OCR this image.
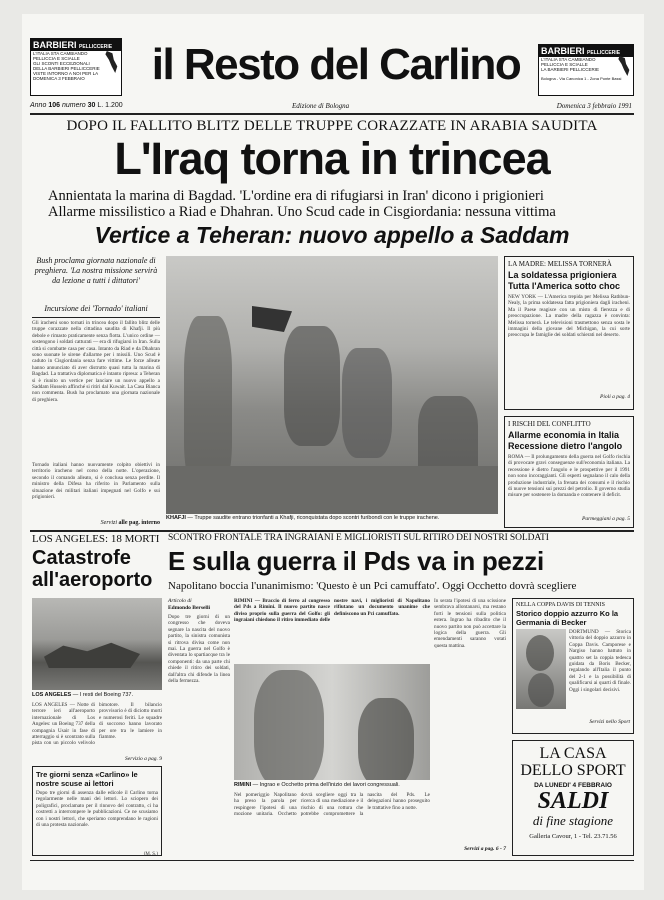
BARBIERI PELLICCERIE
L'ITALIA STA CAMBIANDO
PELLICCIA E SCIALLE
GLI SCONTI ECCEZIONALI
DELLA BARBIERI PELLICCERIE
VISTE INTORNO A NOI PER LA DOMENICA 3 FEBBRAIO	il Resto del Carlino	BARBIERI PELLICCERIE
L'ITALIA STA CAMBIANDO
PELLICCIA E SCIALLE
LA BARBIERI PELLICCERIE
Bologna - Via Canonica 1 - Zona Ponte Bassi
Anno 106 numero 30 L. 1.200	Edizione di Bologna	Domenica 3 febbraio 1991
DOPO IL FALLITO BLITZ DELLE TRUPPE CORAZZATE IN ARABIA SAUDITA
L'Iraq torna in trincea
Annientata la marina di Bagdad. 'L'ordine era di rifugiarsi in Iran' dicono i prigionieri
Allarme missilistico a Riad e Dhahran. Uno Scud cade in Cisgiordania: nessuna vittima
Vertice a Teheran: nuovo appello a Saddam
Bush proclama giornata nazionale di preghiera. 'La nostra missione servirà da lezione a tutti i dittatori'
Incursione dei 'Tornado' italiani
Gli iracheni sono tornati in trincea dopo il fallito blitz delle truppe corazzate nella cittadina saudita di Khafji. Il più debole e rimasto praticamente senza flotta. L'unico ordine — sostengono i soldati catturati — era di rifugiarsi in Iran. Sulla città si combatte casa per casa. Intanto da Riad e da Dhahran sono suonate le sirene d'allarme per i missili. Uno Scud è caduto in Cisgiordania senza fare vittime. Le forze alleate hanno annunciato di aver distrutto quasi tutta la marina di Bagdad. La trattativa diplomatica è intanto ripresa: a Teheran si è riunito un vertice per lanciare un nuovo appello a Saddam Hussein affinché si ritiri dal Kuwait. La Casa Bianca non commenta. Bush ha proclamato una giornata nazionale di preghiera.
Tornado italiani hanno nuovamente colpito obiettivi in territorio iracheno nel corso della notte. L'operazione, secondo il comando alleato, si è conclusa senza perdite. Il ministro della Difesa ha riferito in Parlamento sulla situazione dei militari italiani impegnati nel Golfo e sui prigionieri.
Servizi alle pag. interno
KHAFJI — Truppe saudite entrano trionfanti a Khafji, riconquistata dopo scontri furibondi con le truppe irachene.
LA MADRE: MELISSA TORNERÀ
La soldatessa prigioniera Tutta l'America sotto choc
NEW YORK — L'America trepida per Melissa Rathbun-Nealy, la prima soldatessa fatta prigioniera dagli iracheni. Ma il Paese reagisce con un misto di fierezza e di preoccupazione. La madre della ragazza è convinta: Melissa tornerà. Le televisioni trasmettono senza sosta le immagini della giovane del Michigan, la cui sorte preoccupa le famiglie dei soldati schierati nel deserto.
Pioli a pag. 4
I RISCHI DEL CONFLITTO
Allarme economia in Italia Recessione dietro l'angolo
ROMA — Il prolungamento della guerra nel Golfo rischia di provocare gravi conseguenze sull'economia italiana. La recessione è dietro l'angolo e le prospettive per il 1991 non sono incoraggianti. Gli esperti segnalano il calo della produzione industriale, la frenata dei consumi e il rischio di nuove tensioni sui prezzi del petrolio. Il governo studia misure per sostenere la domanda e contenere il deficit.
Parmeggiani a pag. 5
LOS ANGELES: 18 MORTI
Catastrofe all'aeroporto
LOS ANGELES — I resti del Boeing 737.
LOS ANGELES — Notte di terrore ieri all'aeroporto internazionale di Los Angeles: un Boeing 737 della compagnia Usair in fase di atterraggio si è scontrato sulla pista con un piccolo velivolo bimotore. Il bilancio provvisorio è di diciotto morti e numerosi feriti. Le squadre di soccorso hanno lavorato per ore tra le lamiere in fiamme.
Servizio a pag. 9
Tre giorni senza «Carlino» le nostre scuse ai lettori
Dopo tre giorni di assenza dalle edicole il Carlino torna regolarmente nelle mani dei lettori. Lo sciopero dei poligrafici, proclamato per il rinnovo del contratto, ci ha costretti a interrompere le pubblicazioni. Ce ne scusiamo con i nostri lettori, che speriamo comprendano le ragioni di una protesta nazionale.
(M. S.)
SCONTRO FRONTALE TRA INGRAIANI E MIGLIORISTI SUL RITIRO DEI NOSTRI SOLDATI
E sulla guerra il Pds va in pezzi
Napolitano boccia l'unanimismo: 'Questo è un Pci camuffato'. Oggi Occhetto dovrà scegliere
Articolo di
Edmondo Berselli
Dopo tre giorni di un congresso che doveva segnare la nascita del nuovo partito, la sinistra comunista si ritrova divisa come non mai. La guerra nel Golfo è diventata lo spartiacque tra le componenti: da una parte chi chiede il ritiro dei soldati, dall'altra chi difende la linea della fermezza.
RIMINI — Braccio di ferro al congresso del Pds a Rimini. Il nuovo partito nasce diviso proprio sulla guerra del Golfo: gli ingraiani chiedono il ritiro immediato delle nostre navi, i miglioristi di Napolitano rifiutano un documento unanime che definiscono un Pci camuffato.
RIMINI — Ingrao e Occhetto prima dell'inizio dei lavori congressuali.
Nel pomeriggio Napolitano ha preso la parola per respingere l'ipotesi di una mozione unitaria. Occhetto dovrà scegliere oggi tra la ricerca di una mediazione e il rischio di una rottura che potrebbe compromettere la nascita del Pds. Le delegazioni hanno proseguito le trattative fino a notte.
In serata l'ipotesi di una scissione sembrava allontanarsi, ma restano forti le tensioni sulla politica estera. Ingrao ha ribadito che il nuovo partito non può accettare la logica della guerra. Gli emendamenti saranno votati questa mattina.
Servizi a pag. 6 - 7
NELLA COPPA DAVIS DI TENNIS
Storico doppio azzurro Ko la Germania di Becker
DORTMUND — Storica vittoria del doppio azzurro in Coppa Davis. Camporese e Nargiso hanno battuto in quattro set la coppia tedesca guidata da Boris Becker, regalando all'Italia il punto del 2-1 e la possibilità di qualificarsi ai quarti di finale. Oggi i singolari decisivi.
Servizi nello Sport
LA CASA
DELLO SPORT
DA LUNEDI' 4 FEBBRAIO
SALDI
di fine stagione
Galleria Cavour, 1 - Tel. 23.71.56
